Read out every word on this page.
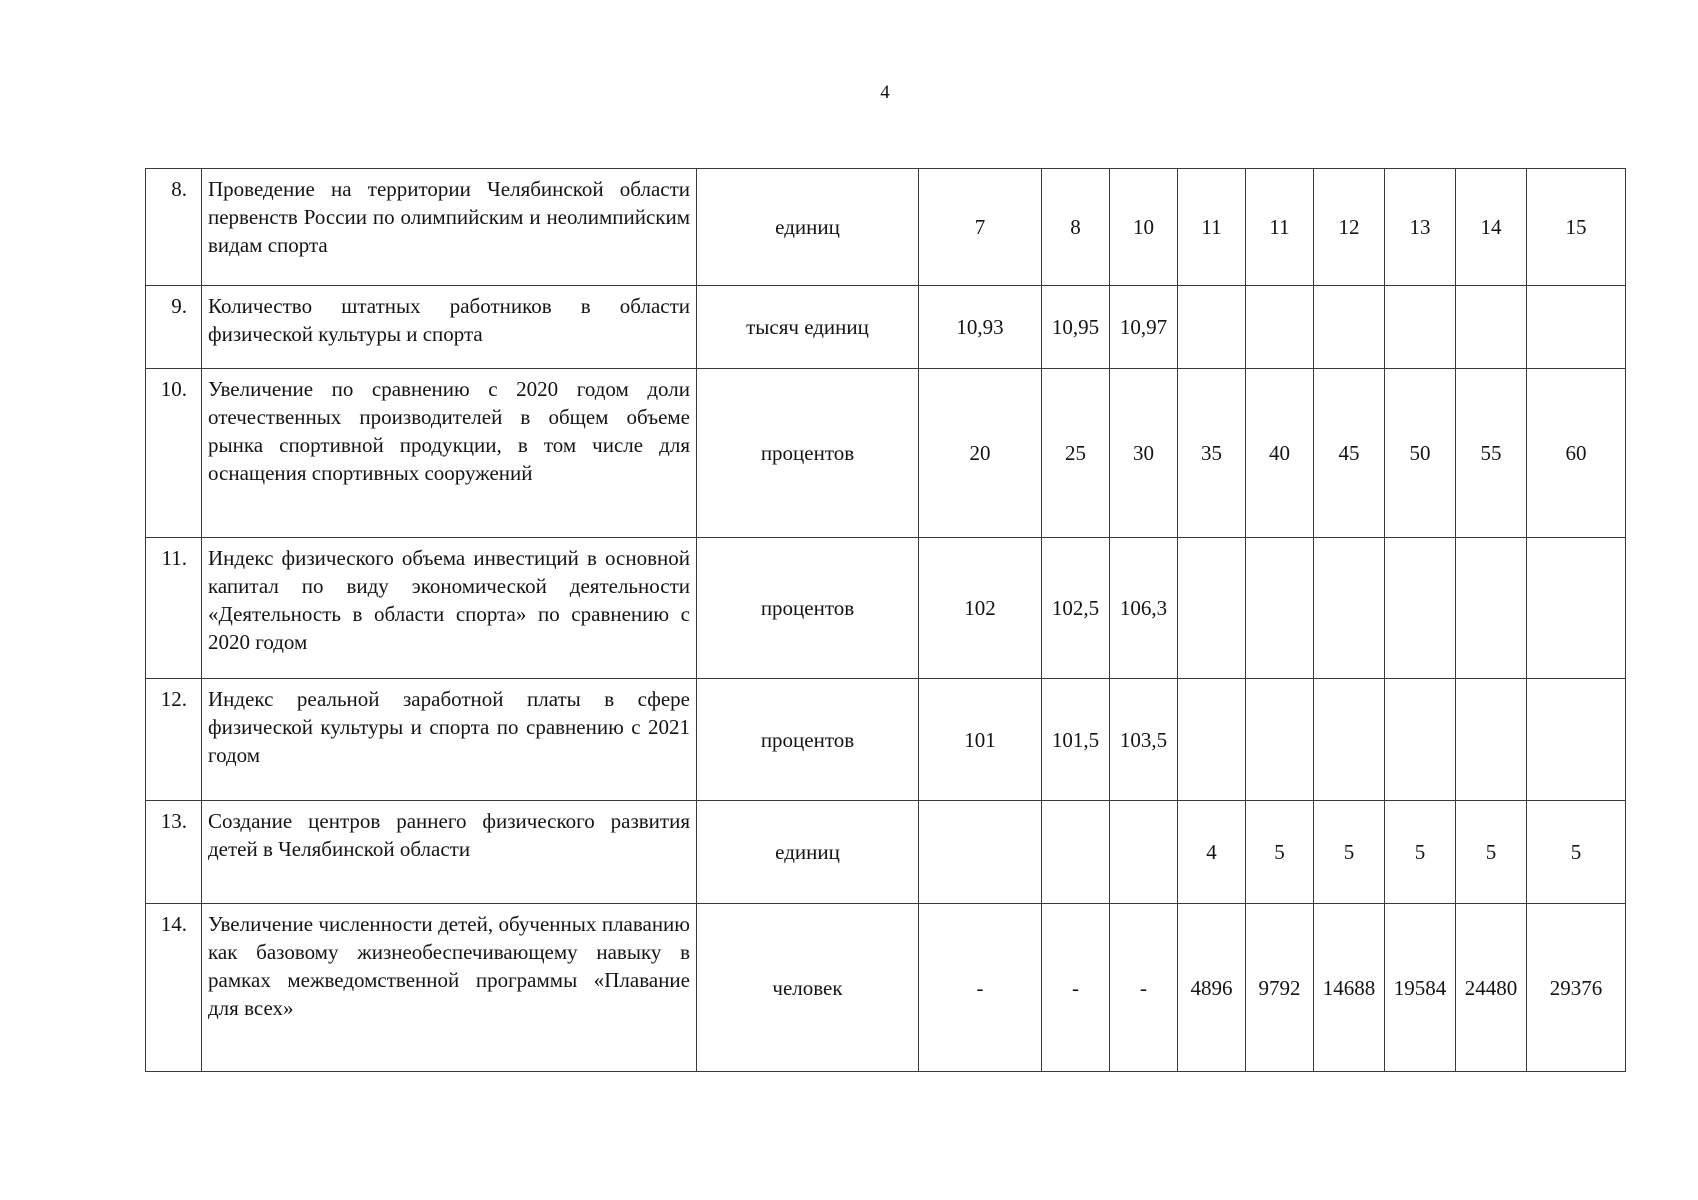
4
8.	Проведение на территории Челябинской области первенств России по олимпийским и неолимпийским видам спорта	единиц	7	8	10	11	11	12	13	14	15
9.	Количество штатных работников в области физической культуры и спорта	тысяч единиц	10,93	10,95	10,97						
10.	Увеличение по сравнению с 2020 годом доли отечественных производителей в общем объеме рынка спортивной продукции, в том числе для оснащения спортивных сооружений	процентов	20	25	30	35	40	45	50	55	60
11.	Индекс физического объема инвестиций в основной капитал по виду экономической деятельности «Деятельность в области спорта» по сравнению с 2020 годом	процентов	102	102,5	106,3						
12.	Индекс реальной заработной платы в сфере физической культуры и спорта по сравнению с 2021 годом	процентов	101	101,5	103,5						
13.	Создание центров раннего физического развития детей в Челябинской области	единиц				4	5	5	5	5	5
14.	Увеличение численности детей, обученных плаванию как базовому жизнеобеспечивающему навыку в рамках межведомственной программы «Плавание для всех»	человек	-	-	-	4896	9792	14688	19584	24480	29376
